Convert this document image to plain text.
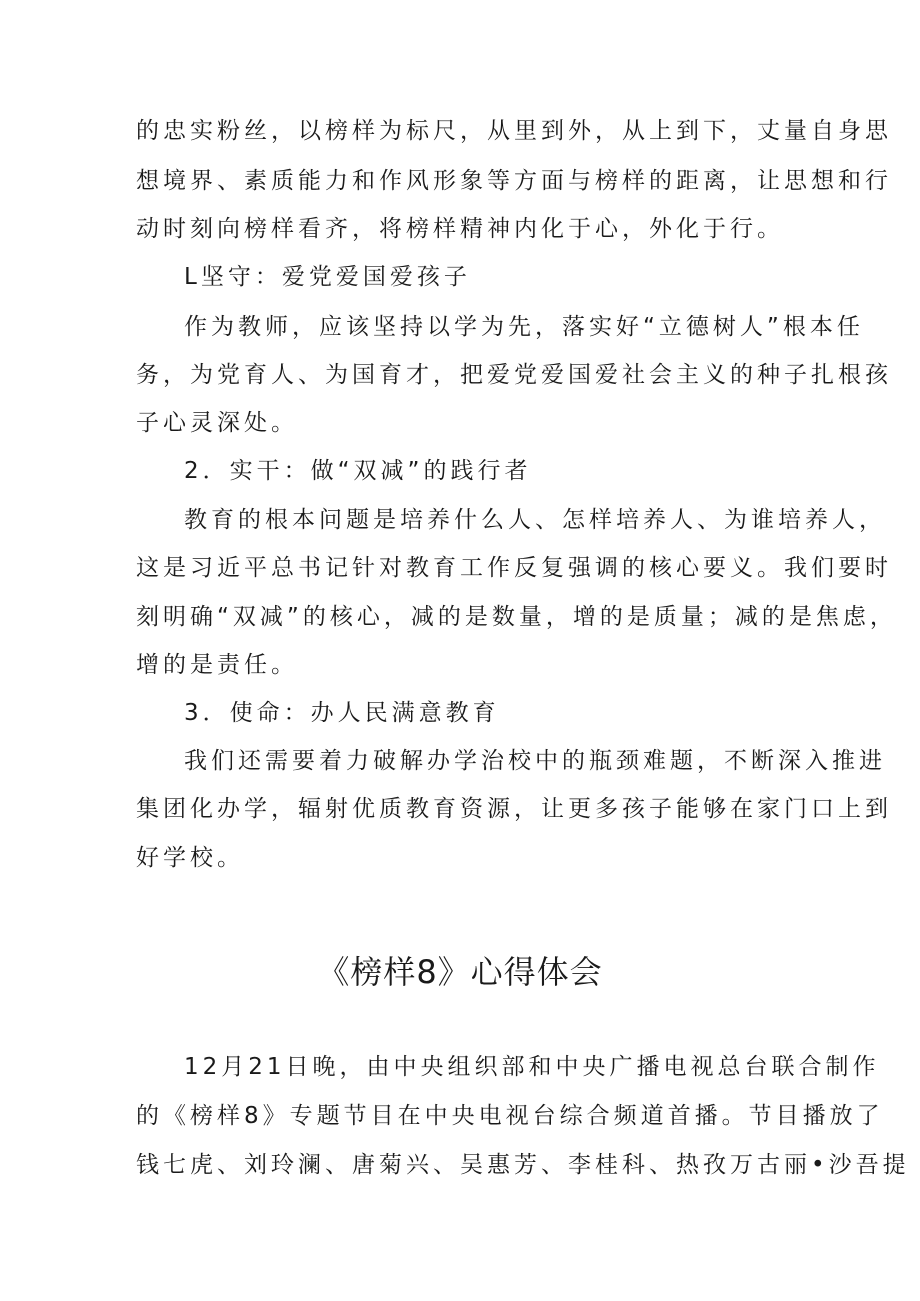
的忠实粉丝，以榜样为标尺，从里到外，从上到下，丈量自身思
想境界、素质能力和作风形象等方面与榜样的距离，让思想和行
动时刻向榜样看齐，将榜样精神内化于心，外化于行。
L坚守：爱党爱国爱孩子
作为教师，应该坚持以学为先，落实好“立德树人”根本任
务，为党育人、为国育才，把爱党爱国爱社会主义的种子扎根孩
子心灵深处。
2．实干：做“双减”的践行者
教育的根本问题是培养什么人、怎样培养人、为谁培养人，
这是习近平总书记针对教育工作反复强调的核心要义。我们要时
刻明确“双减”的核心，减的是数量，增的是质量；减的是焦虑，
增的是责任。
3．使命：办人民满意教育
我们还需要着力破解办学治校中的瓶颈难题，不断深入推进
集团化办学，辐射优质教育资源，让更多孩子能够在家门口上到
好学校。
《榜样8》心得体会
12月21日晚，由中央组织部和中央广播电视总台联合制作
的《榜样8》专题节目在中央电视台综合频道首播。节目播放了
钱七虎、刘玲澜、唐菊兴、吴惠芳、李桂科、热孜万古丽•沙吾提
